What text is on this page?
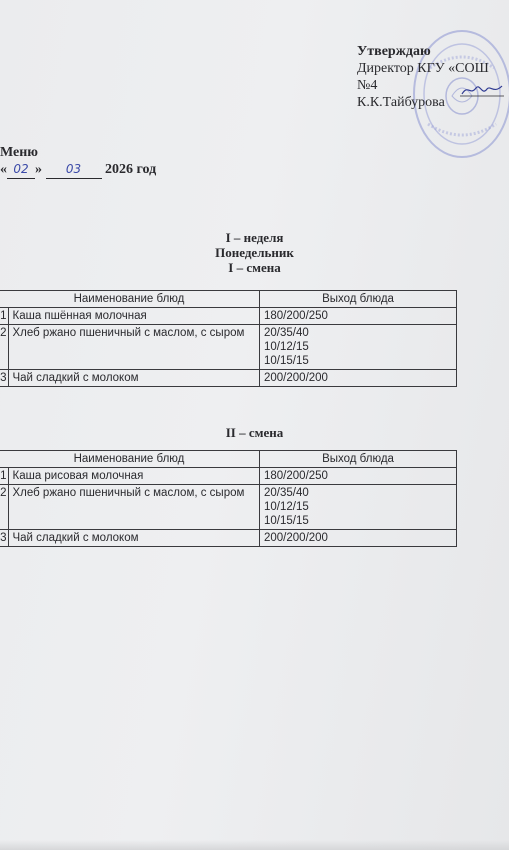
Утверждаю
Директор КГУ «СОШ №4
К.К.Тайбурова
Меню
« 02 » 03 2026 год
I – неделя
Понедельник
I – смена
Наименование блюд		Выход блюда
1	Каша пшённая молочная	180/200/250

2	Хлеб ржано пшеничный с маслом, с сыром	20/35/40
10/12/15
10/15/15

3	Чай сладкий с молоком	200/200/200
II – смена
Наименование блюд		Выход блюда
1	Каша рисовая молочная	180/200/250

2	Хлеб ржано пшеничный с маслом, с сыром	20/35/40
10/12/15
10/15/15

3	Чай сладкий с молоком	200/200/200
